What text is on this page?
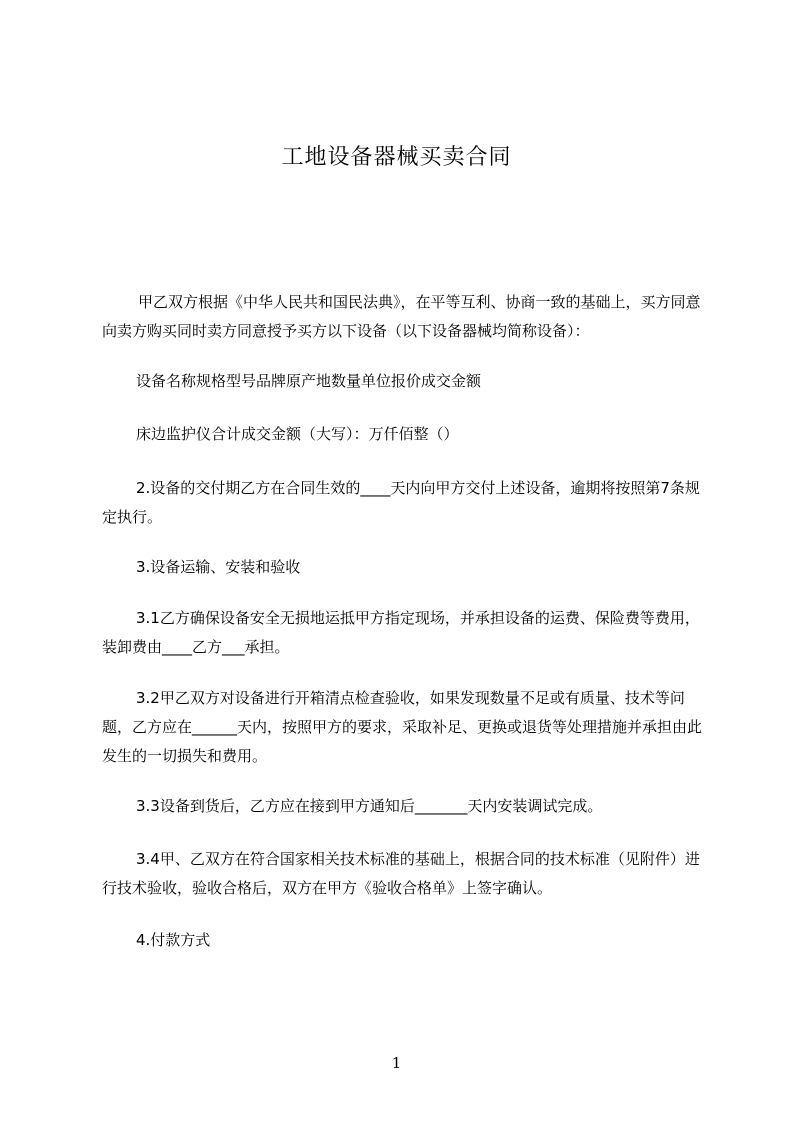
工地设备器械买卖合同

甲乙双方根据《中华人民共和国民法典》，在平等互利、协商一致的基础上，买方同意向卖方购买同时卖方同意授予买方以下设备（以下设备器械均简称设备）：

设备名称规格型号品牌原产地数量单位报价成交金额

床边监护仪合计成交金额（大写）：万仟佰整（）

2.设备的交付期乙方在合同生效的____天内向甲方交付上述设备，逾期将按照第7条规定执行。

3.设备运输、安装和验收

3.1乙方确保设备安全无损地运抵甲方指定现场，并承担设备的运费、保险费等费用，装卸费由____乙方___承担。

3.2甲乙双方对设备进行开箱清点检查验收，如果发现数量不足或有质量、技术等问题，乙方应在______天内，按照甲方的要求，采取补足、更换或退货等处理措施并承担由此发生的一切损失和费用。

3.3设备到货后，乙方应在接到甲方通知后_______天内安装调试完成。

3.4甲、乙双方在符合国家相关技术标准的基础上，根据合同的技术标准（见附件）进行技术验收，验收合格后，双方在甲方《验收合格单》上签字确认。

4.付款方式

1
